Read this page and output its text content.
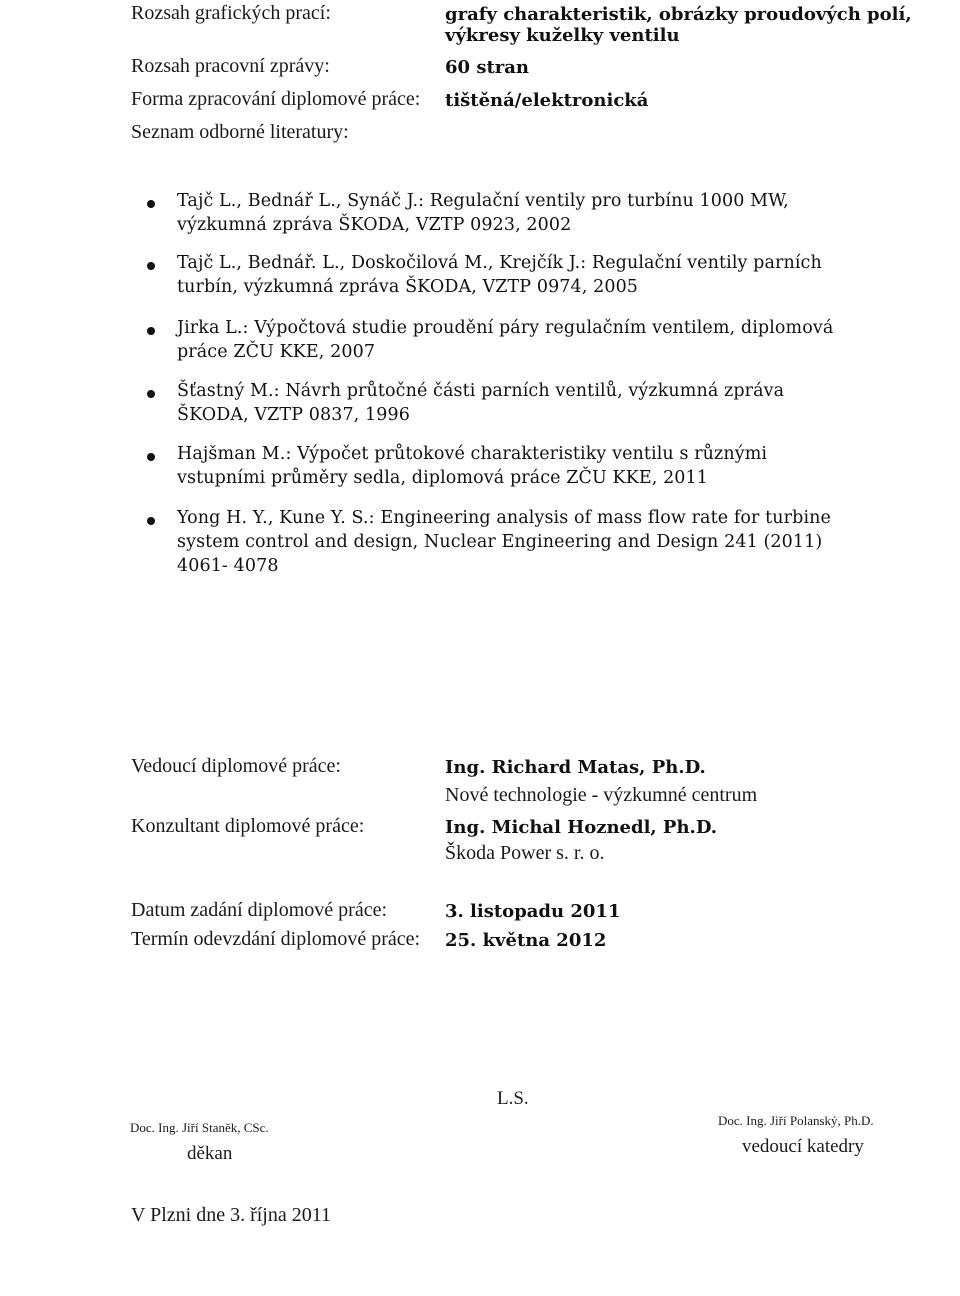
Rozsah grafických prací:	grafy charakteristik, obrázky proudových polí,
výkresy kuželky ventilu
Rozsah pracovní zprávy:	60 stran
Forma zpracování diplomové práce: tištěná/elektronická
Seznam odborné literatury:
Tajč L., Bednář L., Synáč J.: Regulační ventily pro turbínu 1000 MW,
výzkumná zpráva ŠKODA, VZTP 0923, 2002
Tajč L., Bednář. L., Doskočilová M., Krejčík J.: Regulační ventily parních
turbín, výzkumná zpráva ŠKODA, VZTP 0974, 2005
Jirka L.: Výpočtová studie proudění páry regulačním ventilem, diplomová
práce ZČU KKE, 2007
Šťastný M.: Návrh průtočné části parních ventilů, výzkumná zpráva
ŠKODA, VZTP 0837, 1996
Hajšman M.: Výpočet průtokové charakteristiky ventilu s různými
vstupními průměry sedla, diplomová práce ZČU KKE, 2011
Yong H. Y., Kune Y. S.: Engineering analysis of mass flow rate for turbine
system control and design, Nuclear Engineering and Design 241 (2011)
4061- 4078
Vedoucí diplomové práce:	Ing. Richard Matas, Ph.D.
Nové technologie - výzkumné centrum
Konzultant diplomové práce:	Ing. Michal Hoznedl, Ph.D.
Škoda Power s. r. o.
Datum zadání diplomové práce:	3. listopadu 2011
Termín odevzdání diplomové práce: 25. května 2012
L.S.
Doc. Ing. Jiří Staněk, CSc.
děkan
Doc. Ing. Jiří Polanský, Ph.D.
vedoucí katedry
V Plzni dne 3. října 2011
